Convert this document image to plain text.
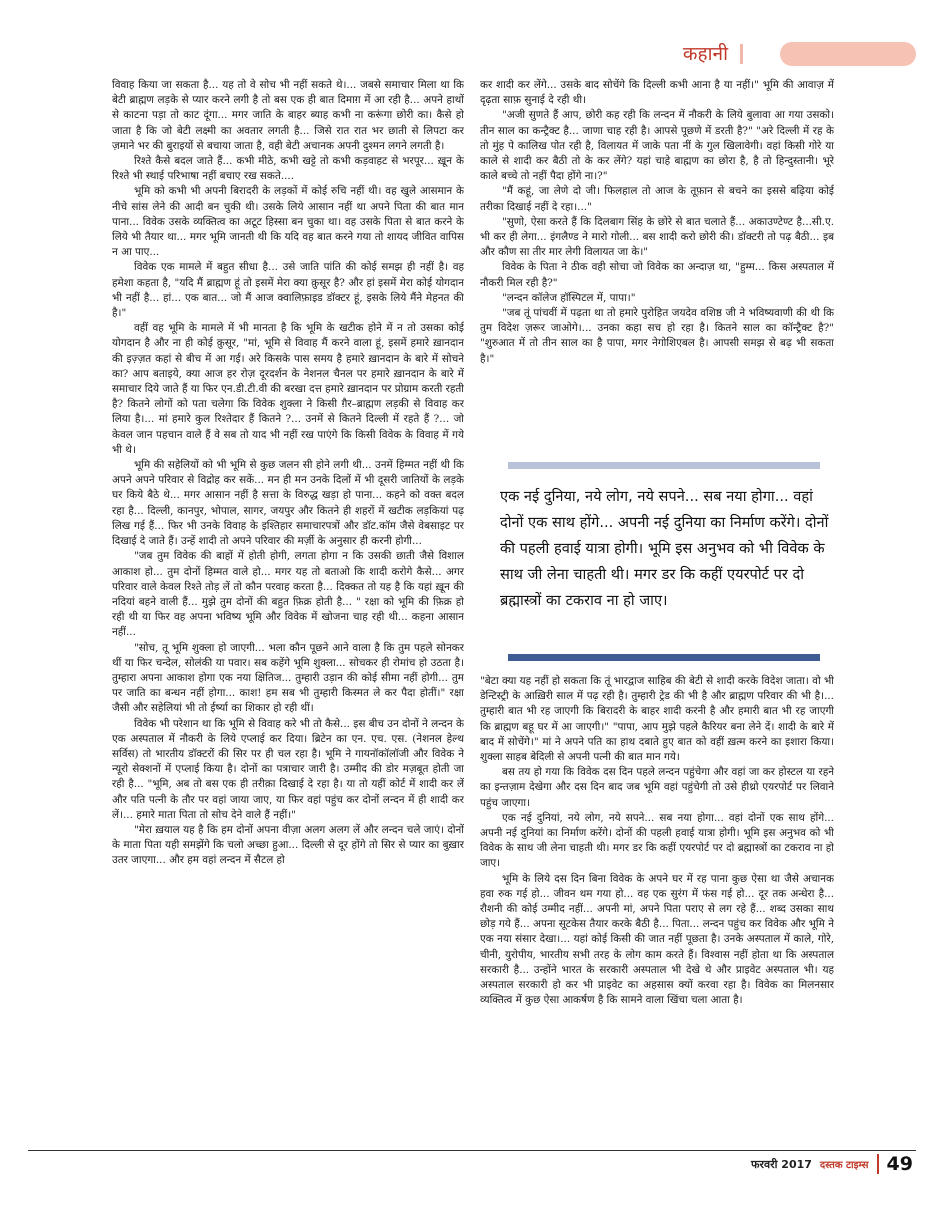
कहानी

विवाह किया जा सकता है... यह तो वे सोच भी नहीं सकते थे।... जबसे समाचार मिला था कि बेटी ब्राह्मण लड़के से प्यार करने लगी है तो बस एक ही बात दिमाग़ में आ रही है... अपने हाथों से काटना पड़ा तो काट दूंगा... मगर जाति के बाहर ब्याह कभी ना करूंगा छोरी का। कैसे हो जाता है कि जो बेटी लक्ष्मी का अवतार लगती है... जिसे रात रात भर छाती से लिपटा कर ज़माने भर की बुराइयों से बचाया जाता है, वही बेटी अचानक अपनी दुश्मन लगने लगती है।

रिश्ते कैसे बदल जाते हैं... कभी मीठे, कभी खट्टे तो कभी कड़वाहट से भरपूर... ख़ून के रिश्ते भी स्थाई परिभाषा नहीं बचाए रख सकते....

भूमि को कभी भी अपनी बिरादरी के लड़कों में कोई रुचि नहीं थी। वह खुले आसमान के नीचे सांस लेने की आदी बन चुकी थी। उसके लिये आसान नहीं था अपने पिता की बात मान पाना... विवेक उसके व्यक्तित्व का अटूट हिस्सा बन चुका था। वह उसके पिता से बात करने के लिये भी तैयार था... मगर भूमि जानती थी कि यदि वह बात करने गया तो शायद जीवित वापिस न आ पाए...

विवेक एक मामले में बहुत सीधा है... उसे जाति पांति की कोई समझ ही नहीं है। वह हमेशा कहता है, "यदि मैं ब्राह्मण हूं तो इसमें मेरा क्या क़ुसूर है? और हां इसमें मेरा कोई योगदान भी नहीं है... हां... एक बात... जो मैं आज क्वालिफ़ाइड डॉक्टर हूं, इसके लिये मैंने मेहनत की है।"

वहीं वह भूमि के मामले में भी मानता है कि भूमि के खटीक होने में न तो उसका कोई योगदान है और ना ही कोई क़ुसूर, "मां, भूमि से विवाह मैं करने वाला हूं, इसमें हमारे ख़ानदान की इज़्ज़त कहां से बीच में आ गई। अरे किसके पास समय है हमारे ख़ानदान के बारे में सोचने का? आप बताइये, क्या आज हर रोज़ दूरदर्शन के नेशनल चैनल पर हमारे ख़ानदान के बारे में समाचार दिये जाते हैं या फिर एन.डी.टी.वी की बरखा दत्त हमारे ख़ानदान पर प्रोग्राम करती रहती है? कितने लोगों को पता चलेगा कि विवेक शुक्ला ने किसी ग़ैर–ब्राह्मण लड़की से विवाह कर लिया है।... मां हमारे कुल रिश्तेदार हैं कितने ?... उनमें से कितने दिल्ली में रहते हैं ?... जो केवल जान पहचान वाले हैं वे सब तो याद भी नहीं रख पाएंगे कि किसी विवेक के विवाह में गये भी थे।

भूमि की सहेलियों को भी भूमि से कुछ जलन सी होने लगी थी... उनमें हिम्मत नहीं थी कि अपने अपने परिवार से विद्रोह कर सकें... मन ही मन उनके दिलों में भी दूसरी जातियों के लड़के घर किये बैठे थे... मगर आसान नहीं है सत्ता के विरुद्ध खड़ा हो पाना... कहने को वक्त बदल रहा है... दिल्ली, कानपुर, भोपाल, सागर, जयपुर और कितने ही शहरों में खटीक लड़कियां पढ़ लिख गई हैं... फिर भी उनके विवाह के इश्तिहार समाचारपत्रों और डॉट.कॉम जैसे वेबसाइट पर दिखाई दे जाते हैं। उन्हें शादी तो अपने परिवार की मर्ज़ी के अनुसार ही करनी होगी...

"जब तुम विवेक की बाहों में होती होगी, लगता होगा न कि उसकी छाती जैसे विशाल आकाश हो... तुम दोनों हिम्मत वाले हो... मगर यह तो बताओ कि शादी करोगे कैसे... अगर परिवार वाले केवल रिश्ते तोड़ लें तो कौन परवाह करता है... दिक्कत तो यह है कि यहां ख़ून की नदियां बहने वाली हैं... मुझे तुम दोनों की बहुत फ़िक्र होती है... " रक्षा को भूमि की फ़िक्र हो रही थी या फिर वह अपना भविष्य भूमि और विवेक में खोजना चाह रही थी... कहना आसान नहीं...

"सोच, तू भूमि शुक्ला हो जाएगी... भला कौन पूछने आने वाला है कि तुम पहले सोनकर थीं या फिर चन्देल, सोलंकी या पवार। सब कहेंगे भूमि शुक्ला... सोचकर ही रोमांच हो उठता है। तुम्हारा अपना आकाश होगा एक नया क्षितिज... तुम्हारी उड़ान की कोई सीमा नहीं होगी... तुम पर जाति का बन्धन नहीं होगा... काश! हम सब भी तुम्हारी किस्मत ले कर पैदा होतीं।" रक्षा जैसी और सहेलियां भी तो ईर्ष्या का शिकार हो रही थीं।

विवेक भी परेशान था कि भूमि से विवाह करे भी तो कैसे... इस बीच उन दोनों ने लन्दन के एक अस्पताल में नौकरी के लिये एप्लाई कर दिया। ब्रिटेन का एन. एच. एस. (नेशनल हेल्थ सर्विस) तो भारतीय डॉक्टरों की सिर पर ही चल रहा है। भूमि ने गायनॉकॉलॉजी और विवेक ने न्यूरो सेक्शनों में एप्लाई किया है। दोनों का पत्राचार जारी है। उम्मीद की डोर मज़बूत होती जा रही है... "भूमि, अब तो बस एक ही तरीक़ा दिखाई दे रहा है। या तो यहीं कोर्ट में शादी कर लें और पति पत्नी के तौर पर वहां जाया जाए, या फिर वहां पहुंच कर दोनों लन्दन में ही शादी कर लें।... हमारे माता पिता तो सोच देने वाले हैं नहीं।"

"मेरा ख़याल यह है कि हम दोनों अपना वीज़ा अलग अलग लें और लन्दन चले जाएं। दोनों के माता पिता यही समझेंगे कि चलो अच्छा हुआ... दिल्ली से दूर होंगे तो सिर से प्यार का बुख़ार उतर जाएगा... और हम वहां लन्दन में सैटल हो

कर शादी कर लेंगे... उसके बाद सोचेंगे कि दिल्ली कभी आना है या नहीं।" भूमि की आवाज़ में दृढ़ता साफ़ सुनाई दे रही थी।

"अजी सुणते हैं आप, छोरी कह रही कि लन्दन में नौकरी के लिये बुलावा आ गया उसको। तीन साल का कन्ट्रैक्ट है... जाणा चाह रही है। आपसे पूछणे में डरती है?" "अरे दिल्ली में रह के तो मुंह पे कालिख पोत रही है, विलायत में जाके पता नीं के गुल खिलावेगी। वहां किसी गोरे या काले से शादी कर बैठी तो के कर लेंगे? यहां चाहे बाह्मण का छोरा है, है तो हिन्दुस्तानी। भूरे काले बच्चे तो नहीं पैदा होंगे ना।?"

"मैं कहूं, जा लेणे दो जी। फिलहाल तो आज के तूफ़ान से बचने का इससे बढ़िया कोई तरीका दिखाई नहीं दे रहा।..."

"सुणो, ऐसा करते हैं कि दिलबाग सिंह के छोरे से बात चलाते हैं... अकाउण्टेण्ट है...सी.ए. भी कर ही लेगा... इंगलैण्ड ने मारो गोली... बस शादी करो छोरी की। डॉक्टरी तो पढ़ बैठी... इब और कौण सा तीर मार लेगी विलायत जा के।"

विवेक के पिता ने ठीक वही सोचा जो विवेक का अन्दाज़ था, "हुम्म... किस अस्पताल में नौकरी मिल रही है?"

"लन्दन कॉलेज हॉस्पिटल में, पापा।"

"जब तूं पांचवीं में पढ़ता था तो हमारे पुरोहित जयदेव वशिष्ठ जी ने भविष्यवाणी की थी कि तुम विदेश ज़रूर जाओगे।... उनका कहा सच हो रहा है। कितने साल का कॉन्ट्रैक्ट है?" "शुरुआत में तो तीन साल का है पापा, मगर नेगोशिएबल है। आपसी समझ से बढ़ भी सकता है।"

एक नई दुनिया, नये लोग, नये सपने... सब नया होगा... वहां दोनों एक साथ होंगे... अपनी नई दुनिया का निर्माण करेंगे। दोनों की पहली हवाई यात्रा होगी। भूमि इस अनुभव को भी विवेक के साथ जी लेना चाहती थी। मगर डर कि कहीं एयरपोर्ट पर दो ब्रह्मास्त्रों का टकराव ना हो जाए।

"बेटा क्या यह नहीं हो सकता कि तूं भारद्वाज साहिब की बेटी से शादी करके विदेश जाता। वो भी डेन्टिस्ट्री के आख़िरी साल में पढ़ रही है। तुम्हारी ट्रेड की भी है और ब्राह्मण परिवार की भी है।... तुम्हारी बात भी रह जाएगी कि बिरादरी के बाहर शादी करनी है और हमारी बात भी रह जाएगी कि ब्राह्मण बहू घर में आ जाएगी।" "पापा, आप मुझे पहले कैरियर बना लेने दें। शादी के बारे में बाद में सोचेंगे।" मां ने अपने पति का हाथ दबाते हुए बात को वहीं ख़त्म करने का इशारा किया। शुक्ला साहब बेदिली से अपनी पत्नी की बात मान गये।

बस तय हो गया कि विवेक दस दिन पहले लन्दन पहुंचेगा और वहां जा कर होस्टल या रहने का इन्तज़ाम देखेगा और दस दिन बाद जब भूमि वहां पहुंचेगी तो उसे हीथ्रो एयरपोर्ट पर लिवाने पहुंच जाएगा।

एक नई दुनियां, नये लोग, नये सपने... सब नया होगा... वहां दोनों एक साथ होंगे... अपनी नई दुनियां का निर्माण करेंगे। दोनों की पहली हवाई यात्रा होगी। भूमि इस अनुभव को भी विवेक के साथ जी लेना चाहती थी। मगर डर कि कहीं एयरपोर्ट पर दो ब्रह्मास्त्रों का टकराव ना हो जाए।

भूमि के लिये दस दिन बिना विवेक के अपने घर में रह पाना कुछ ऐसा था जैसे अचानक हवा रुक गई हो... जीवन थम गया हो... वह एक सुरंग में फंस गई हो... दूर तक अन्धेरा है... रौशनी की कोई उम्मीद नहीं... अपनी मां, अपने पिता पराए से लग रहे हैं... शब्द उसका साथ छोड़ गये हैं... अपना सूटकेस तैयार करके बैठी है... पिता... लन्दन पहुंच कर विवेक और भूमि ने एक नया संसार देखा।... यहां कोई किसी की जात नहीं पूछता है। उनके अस्पताल में काले, गोरे, चीनी, युरोपीय, भारतीय सभी तरह के लोग काम करते हैं। विश्वास नहीं होता था कि अस्पताल सरकारी है... उन्होंने भारत के सरकारी अस्पताल भी देखे थे और प्राइवेट अस्पताल भी। यह अस्पताल सरकारी हो कर भी प्राइवेट का अहसास क्यों करवा रहा है। विवेक का मिलनसार व्यक्तित्व में कुछ ऐसा आकर्षण है कि सामने वाला खिंचा चला आता है।

फरवरी 2017 दस्तक टाइम्स 49
